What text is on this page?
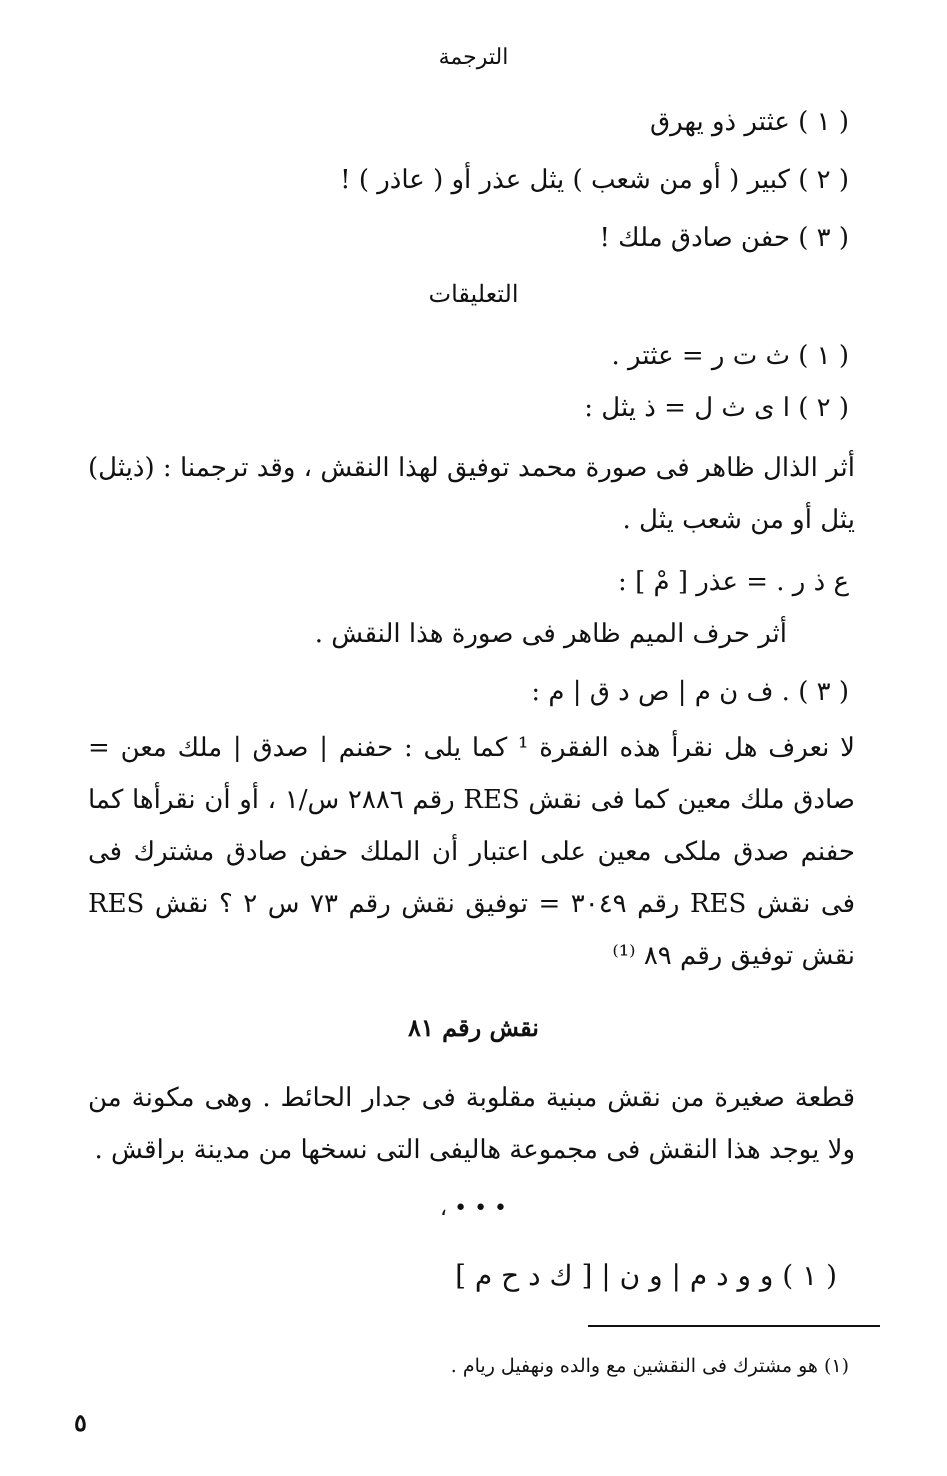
الترجمة
( ١ ) عثتر ذو يهرق
( ٢ ) كبير ( أو من شعب ) يثل عذر أو ( عاذر ) !
( ٣ ) حفن صادق ملك !
التعليقات
( ١ ) ث ت ر = عثتر .
( ٢ ) ا ى ث ل = ذ يثل :
أثر الذال ظاهر فى صورة محمد توفيق لهذا النقش ، وقد ترجمنا : (ذيثل)
يثل أو من شعب يثل .
ع ذ ر . = عذر [ مْ ] :
أثر حرف الميم ظاهر فى صورة هذا النقش .
( ٣ ) . ف ن م | ص د ق | م :
لا نعرف هل نقرأ هذه الفقرة ¹ كما يلى : حفنم | صدق | ملك معن =
صادق ملك معين كما فى نقش RES رقم ٢٨٨٦ س/١ ، أو أن نقرأها كما
حفنم صدق ملكى معين على اعتبار أن الملك حفن صادق مشترك فى
فى نقش RES رقم ٣٠٤٩ = توفيق نقش رقم ٧٣ س ٢ ؟ نقش RES
نقش توفيق رقم ٨٩ ⁽¹⁾
نقش رقم ٨١
قطعة صغيرة من نقش مبنية مقلوبة فى جدار الحائط . وهى مكونة من
ولا يوجد هذا النقش فى مجموعة هاليفى التى نسخها من مدينة براقش .
• • • ،
( ١ ) و و د م | و ن | [ ك د ح م ]
(١) هو مشترك فى النقشين مع والده ونهفيل ريام .
٥
